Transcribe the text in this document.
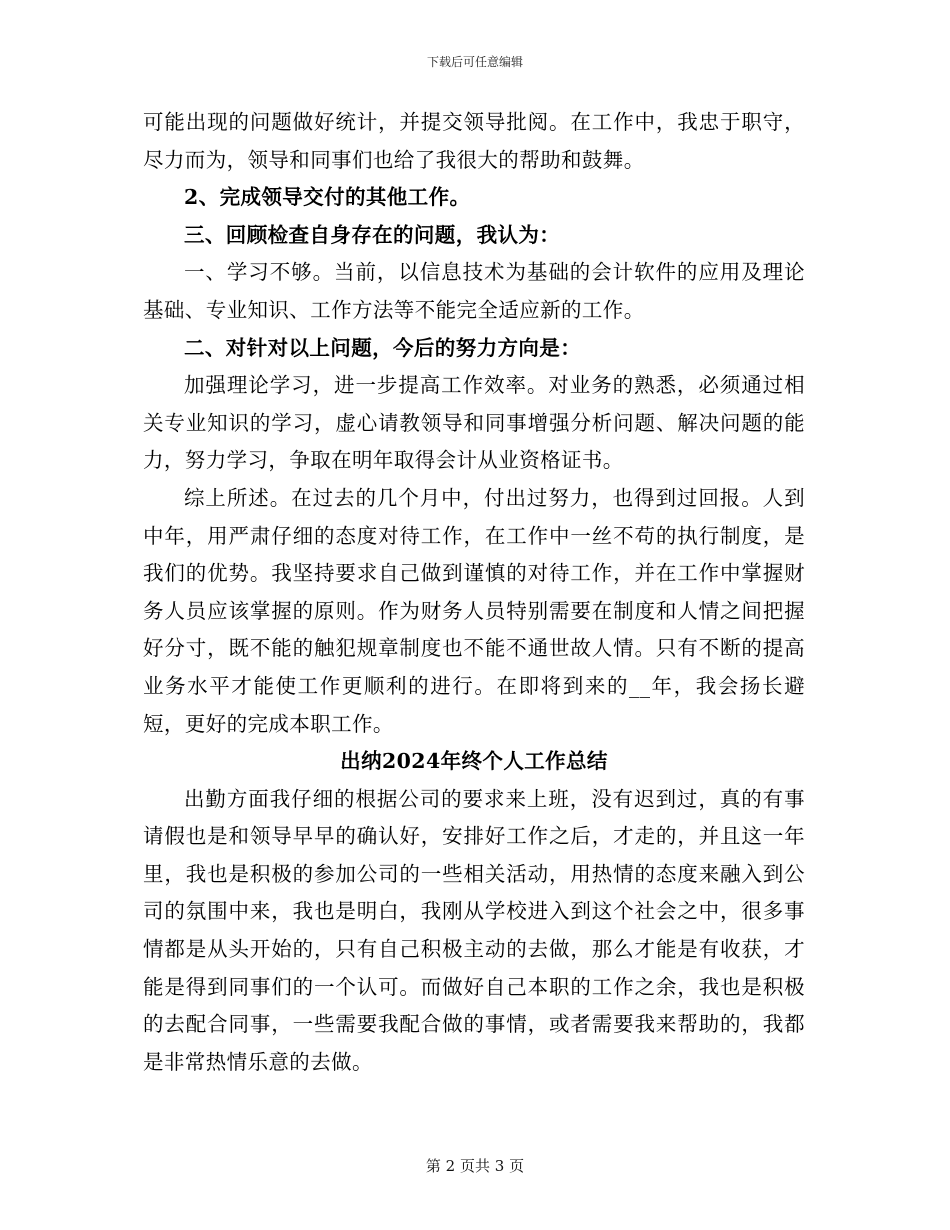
下载后可任意编辑

可能出现的问题做好统计，并提交领导批阅。在工作中，我忠于职守，尽力而为，领导和同事们也给了我很大的帮助和鼓舞。

2、完成领导交付的其他工作。

三、回顾检查自身存在的问题，我认为：

一、学习不够。当前，以信息技术为基础的会计软件的应用及理论基础、专业知识、工作方法等不能完全适应新的工作。

二、对针对以上问题，今后的努力方向是：

加强理论学习，进一步提高工作效率。对业务的熟悉，必须通过相关专业知识的学习，虚心请教领导和同事增强分析问题、解决问题的能力，努力学习，争取在明年取得会计从业资格证书。

综上所述。在过去的几个月中，付出过努力，也得到过回报。人到中年，用严肃仔细的态度对待工作，在工作中一丝不苟的执行制度，是我们的优势。我坚持要求自己做到谨慎的对待工作，并在工作中掌握财务人员应该掌握的原则。作为财务人员特别需要在制度和人情之间把握好分寸，既不能的触犯规章制度也不能不通世故人情。只有不断的提高业务水平才能使工作更顺利的进行。在即将到来的__年，我会扬长避短，更好的完成本职工作。

出纳2024年终个人工作总结

出勤方面我仔细的根据公司的要求来上班，没有迟到过，真的有事请假也是和领导早早的确认好，安排好工作之后，才走的，并且这一年里，我也是积极的参加公司的一些相关活动，用热情的态度来融入到公司的氛围中来，我也是明白，我刚从学校进入到这个社会之中，很多事情都是从头开始的，只有自己积极主动的去做，那么才能是有收获，才能是得到同事们的一个认可。而做好自己本职的工作之余，我也是积极的去配合同事，一些需要我配合做的事情，或者需要我来帮助的，我都是非常热情乐意的去做。

第 2 页共 3 页
